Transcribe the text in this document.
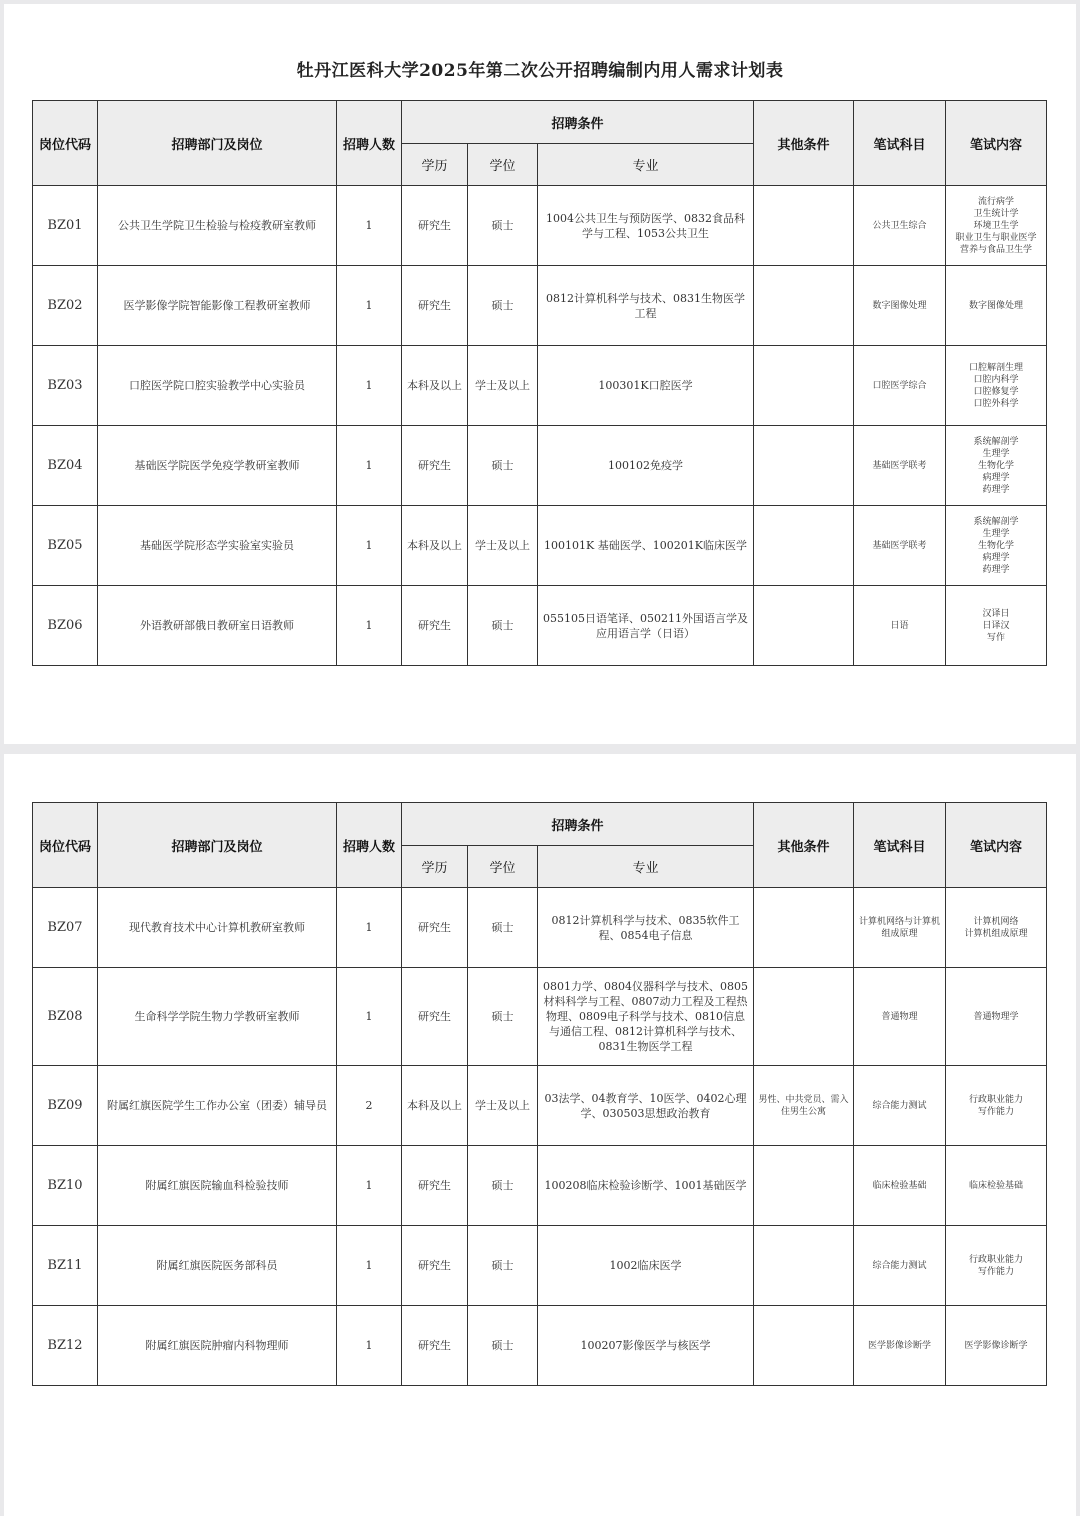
牡丹江医科大学2025年第二次公开招聘编制内用人需求计划表
岗位代码	招聘部门及岗位	招聘人数	招聘条件			其他条件	笔试科目	笔试内容
			学历	学位	专业			
BZ01	公共卫生学院卫生检验与检疫教研室教师	1	研究生	硕士	1004公共卫生与预防医学、0832食品科学与工程、1053公共卫生		公共卫生综合	流行病学
卫生统计学
环境卫生学
职业卫生与职业医学
营养与食品卫生学

BZ02	医学影像学院智能影像工程教研室教师	1	研究生	硕士	0812计算机科学与技术、0831生物医学工程		数字图像处理	数字图像处理

BZ03	口腔医学院口腔实验教学中心实验员	1	本科及以上	学士及以上	100301K口腔医学		口腔医学综合	口腔解剖生理
口腔内科学
口腔修复学
口腔外科学

BZ04	基础医学院医学免疫学教研室教师	1	研究生	硕士	100102免疫学		基础医学联考	系统解剖学
生理学
生物化学
病理学
药理学

BZ05	基础医学院形态学实验室实验员	1	本科及以上	学士及以上	100101K 基础医学、100201K临床医学		基础医学联考	系统解剖学
生理学
生物化学
病理学
药理学

BZ06	外语教研部俄日教研室日语教师	1	研究生	硕士	055105日语笔译、050211外国语言学及应用语言学（日语）		日语	汉译日
日译汉
写作
岗位代码	招聘部门及岗位	招聘人数	招聘条件			其他条件	笔试科目	笔试内容
			学历	学位	专业			
BZ07	现代教育技术中心计算机教研室教师	1	研究生	硕士	0812计算机科学与技术、0835软件工程、0854电子信息		计算机网络与计算机组成原理	计算机网络
计算机组成原理

BZ08	生命科学学院生物力学教研室教师	1	研究生	硕士	0801力学、0804仪器科学与技术、0805材料科学与工程、0807动力工程及工程热物理、0809电子科学与技术、0810信息与通信工程、0812计算机科学与技术、0831生物医学工程		普通物理	普通物理学

BZ09	附属红旗医院学生工作办公室（团委）辅导员	2	本科及以上	学士及以上	03法学、04教育学、10医学、0402心理学、030503思想政治教育	男性、中共党员、需入住男生公寓	综合能力测试	行政职业能力
写作能力

BZ10	附属红旗医院输血科检验技师	1	研究生	硕士	100208临床检验诊断学、1001基础医学		临床检验基础	临床检验基础

BZ11	附属红旗医院医务部科员	1	研究生	硕士	1002临床医学		综合能力测试	行政职业能力
写作能力

BZ12	附属红旗医院肿瘤内科物理师	1	研究生	硕士	100207影像医学与核医学		医学影像诊断学	医学影像诊断学
